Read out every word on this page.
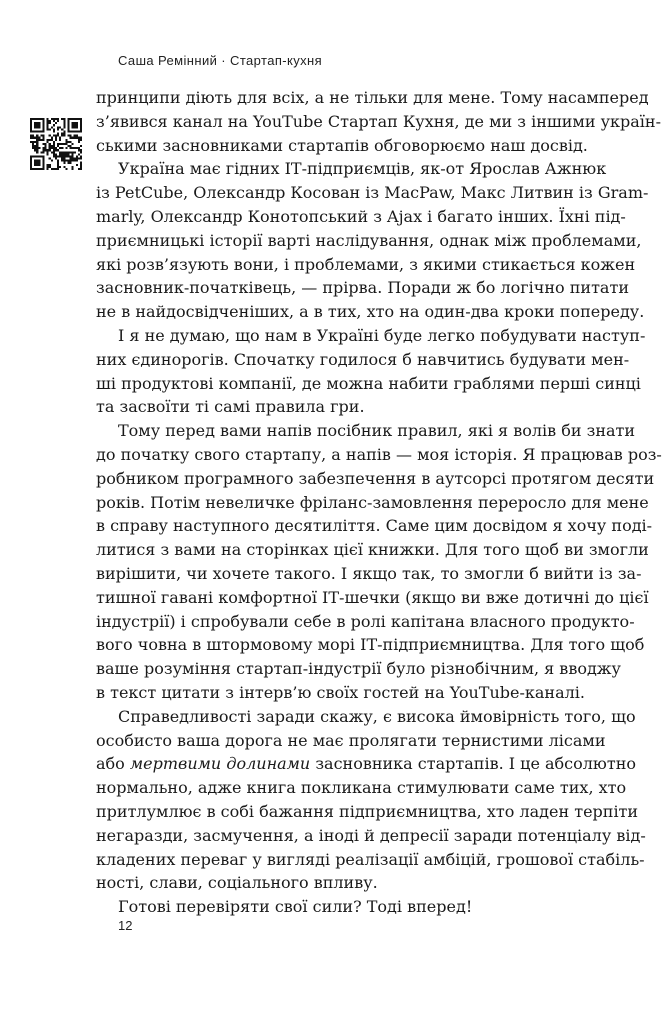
Саша Ремінний · Стартап-кухня

принципи діють для всіх, а не тільки для мене. Тому насамперед
з’явився канал на YouTube Стартап Кухня, де ми з іншими україн-
ськими засновниками стартапів обговорюємо наш досвід.

Україна має гідних ІТ-підприємців, як-от Ярослав Ажнюк
із PetCube, Олександр Косован із MacPaw, Макс Литвин із Gram-
marly, Олександр Конотопський з Ajax і багато інших. Їхні під-
приємницькі історії варті наслідування, однак між проблемами,
які розв’язують вони, і проблемами, з якими стикається кожен
засновник-початківець, — прірва. Поради ж бо логічно питати
не в найдосвідченіших, а в тих, хто на один-два кроки попереду.

І я не думаю, що нам в Україні буде легко побудувати наступ-
них єдинорогів. Спочатку годилося б навчитись будувати мен-
ші продуктові компанії, де можна набити граблями перші синці
та засвоїти ті самі правила гри.

Тому перед вами напів посібник правил, які я волів би знати
до початку свого стартапу, а напів — моя історія. Я працював роз-
робником програмного забезпечення в аутсорсі протягом десяти
років. Потім невеличке фріланс-замовлення переросло для мене
в справу наступного десятиліття. Саме цим досвідом я хочу поді-
литися з вами на сторінках цієї книжки. Для того щоб ви змогли
вирішити, чи хочете такого. І якщо так, то змогли б вийти із за-
тишної гавані комфортної ІТ-шечки (якщо ви вже дотичні до цієї
індустрії) і спробували себе в ролі капітана власного продукто-
вого човна в штормовому морі ІТ-підприємництва. Для того щоб
ваше розуміння стартап-індустрії було різнобічним, я вводжу
в текст цитати з інтерв’ю своїх гостей на YouTube-каналі.

Справедливості заради скажу, є висока ймовірність того, що
особисто ваша дорога не має пролягати тернистими лісами
або мертвими долинами засновника стартапів. І це абсолютно
нормально, адже книга покликана стимулювати саме тих, хто
притлумлює в собі бажання підприємництва, хто ладен терпіти
негаразди, засмучення, а іноді й депресії заради потенціалу від-
кладених переваг у вигляді реалізації амбіцій, грошової стабіль-
ності, слави, соціального впливу.

Готові перевіряти свої сили? Тоді вперед!

12
